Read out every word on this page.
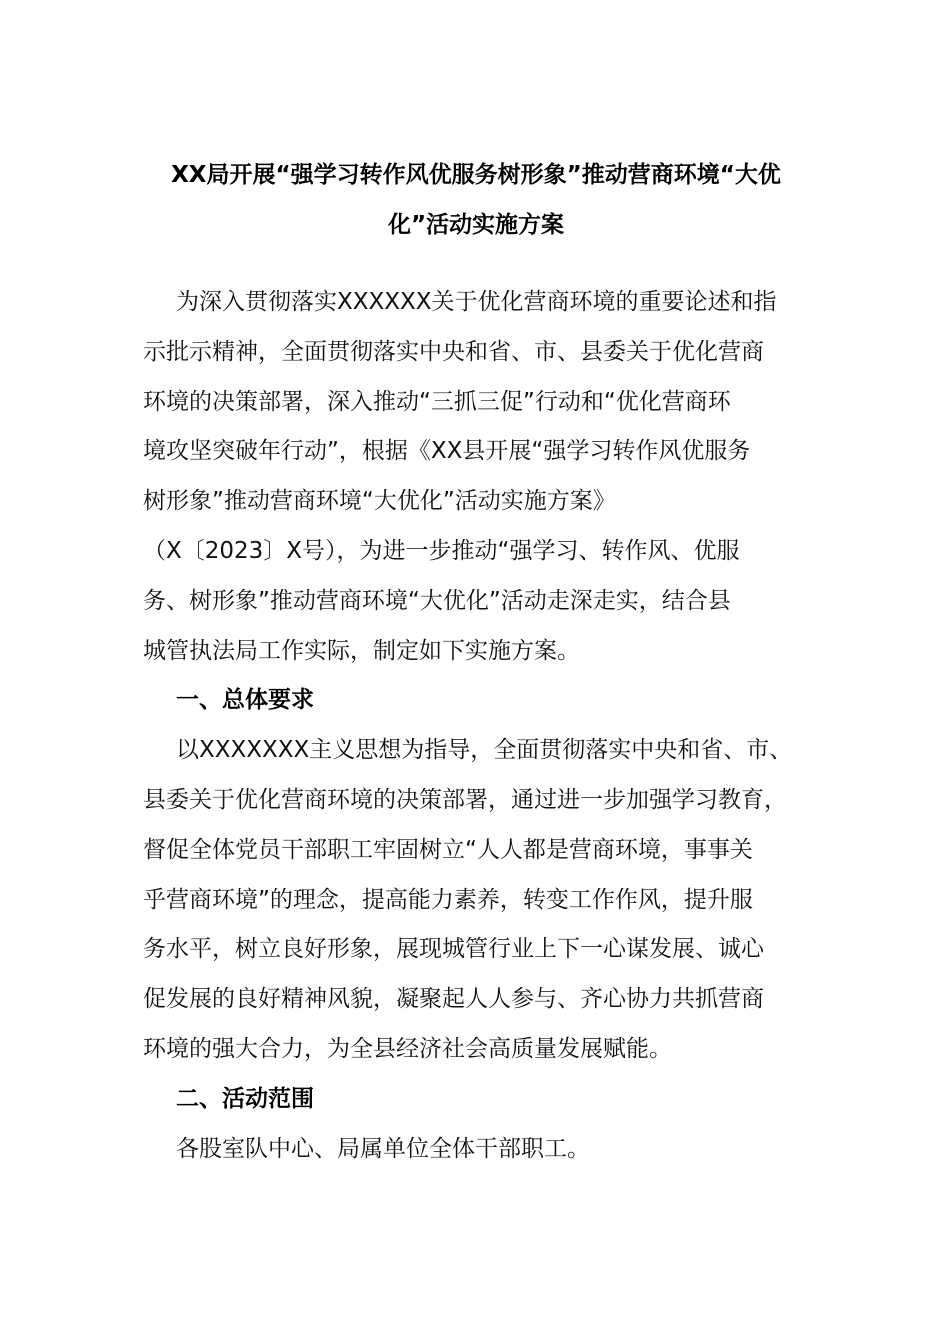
XX局开展“强学习转作风优服务树形象”推动营商环境“大优
化”活动实施方案
为深入贯彻落实XXXXXX关于优化营商环境的重要论述和指
示批示精神，全面贯彻落实中央和省、市、县委关于优化营商
环境的决策部署，深入推动“三抓三促”行动和“优化营商环
境攻坚突破年行动”，根据《XX县开展“强学习转作风优服务
树形象”推动营商环境“大优化”活动实施方案》
（X〔2023〕X号），为进一步推动“强学习、转作风、优服
务、树形象”推动营商环境“大优化”活动走深走实，结合县
城管执法局工作实际，制定如下实施方案。
一、总体要求
以XXXXXXX主义思想为指导，全面贯彻落实中央和省、市、
县委关于优化营商环境的决策部署，通过进一步加强学习教育，
督促全体党员干部职工牢固树立“人人都是营商环境，事事关
乎营商环境”的理念，提高能力素养，转变工作作风，提升服
务水平，树立良好形象，展现城管行业上下一心谋发展、诚心
促发展的良好精神风貌，凝聚起人人参与、齐心协力共抓营商
环境的强大合力，为全县经济社会高质量发展赋能。
二、活动范围
各股室队中心、局属单位全体干部职工。
